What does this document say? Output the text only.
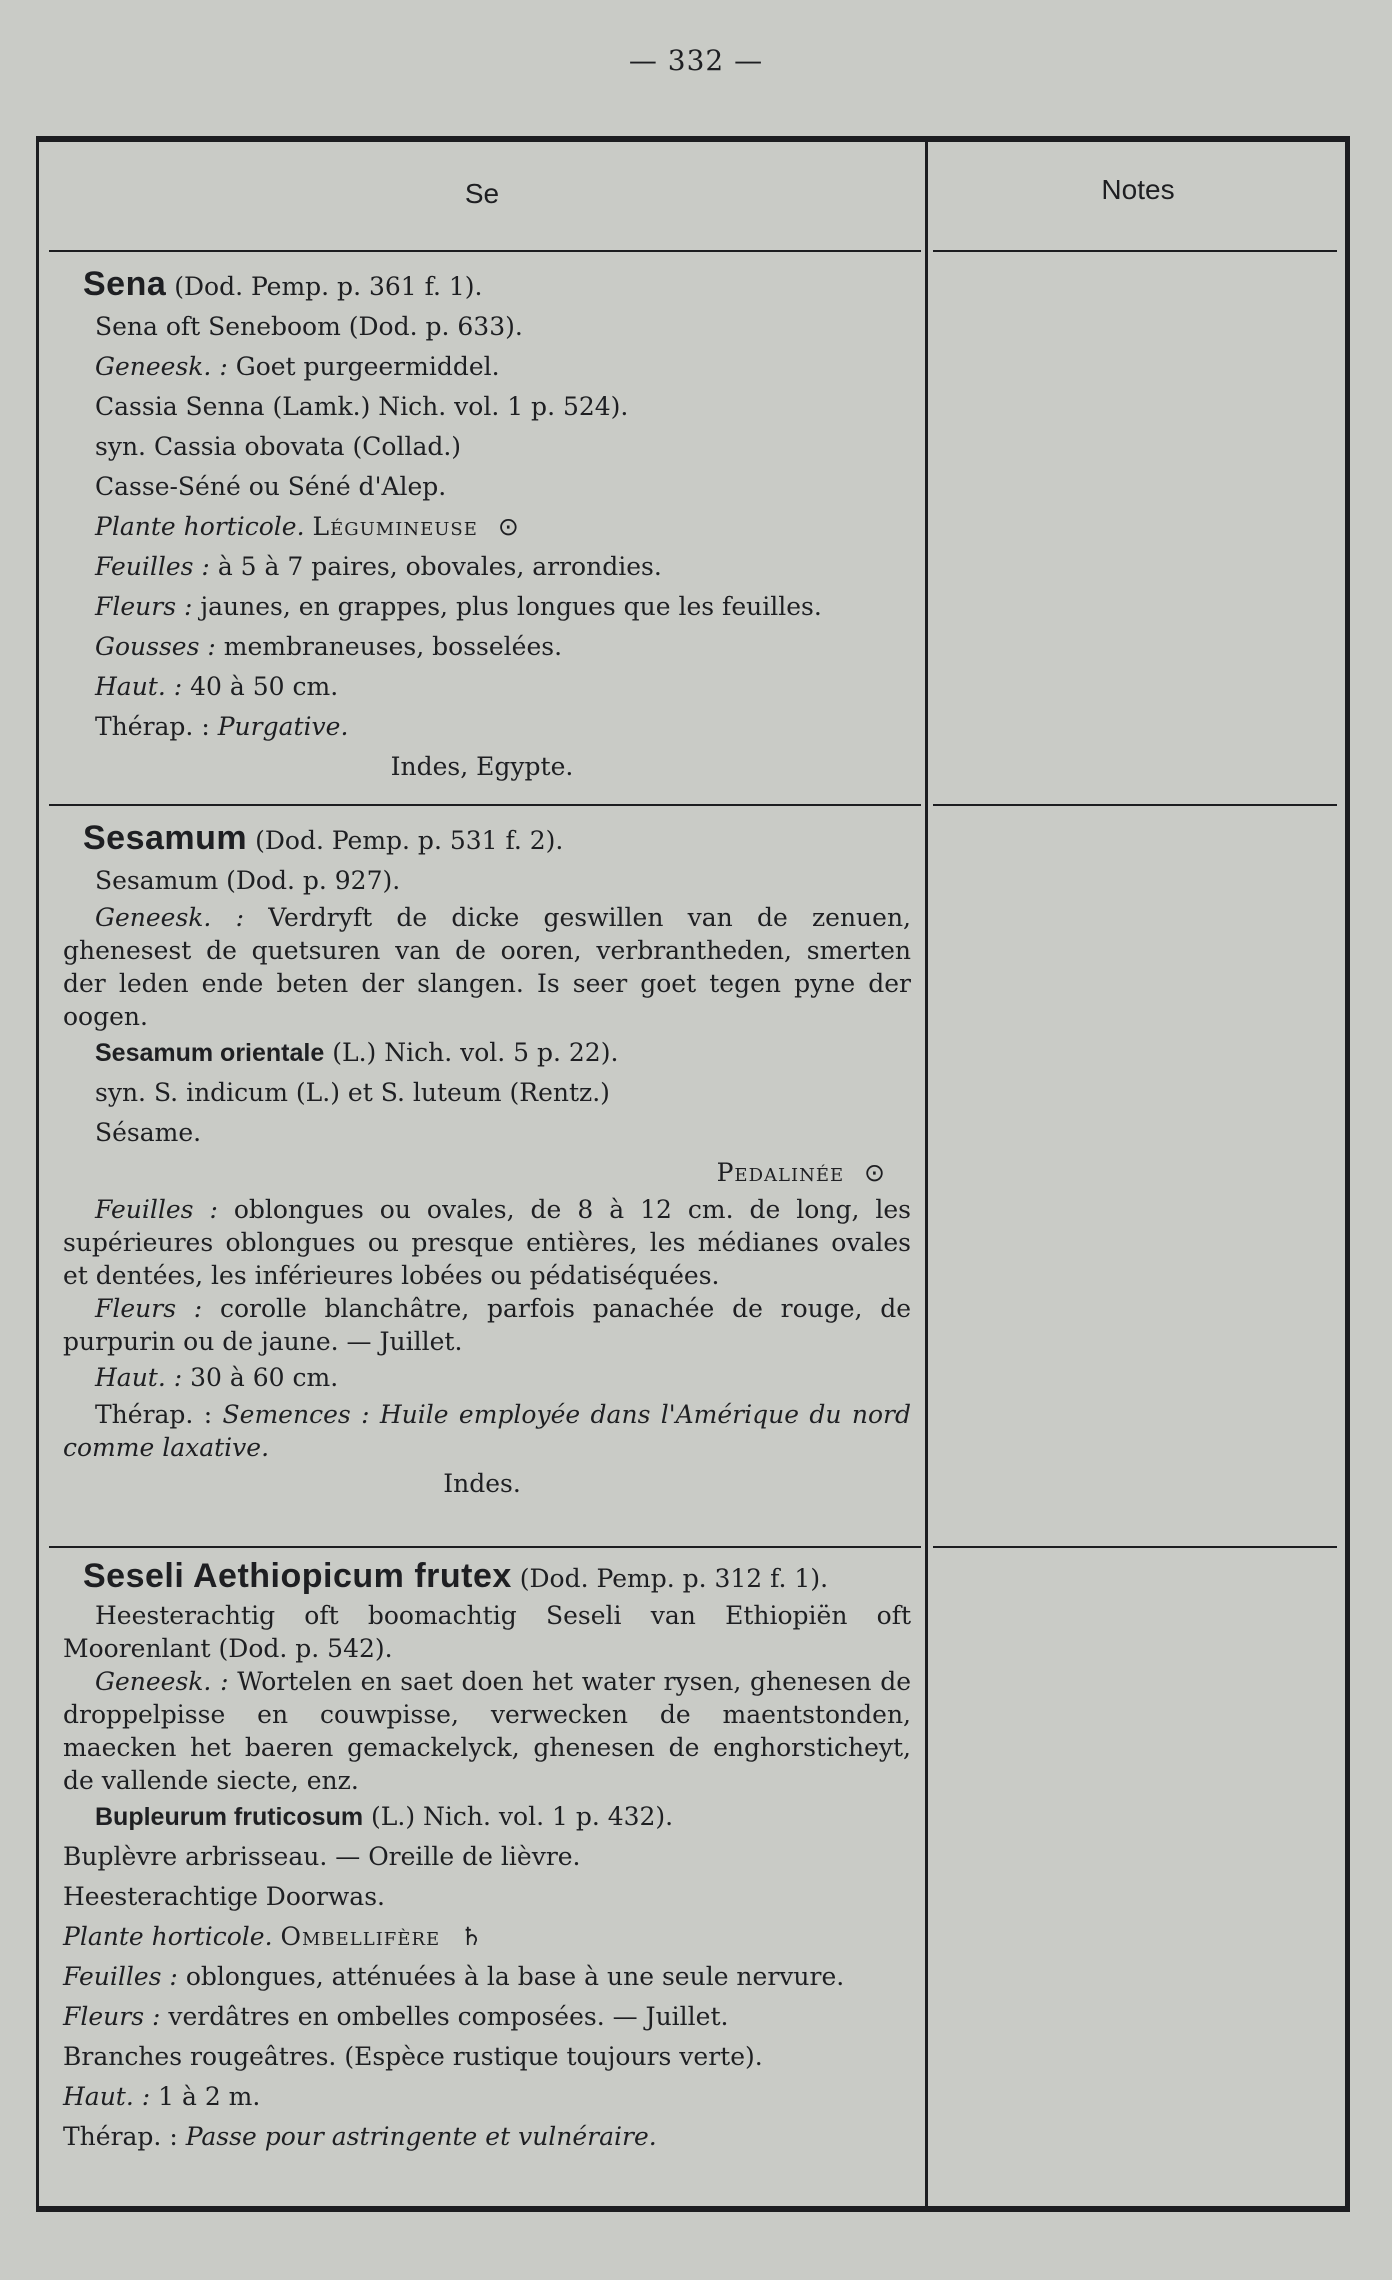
— 332 —
Se	Notes
Sena (Dod. Pemp. p. 361 f. 1).
Sena oft Seneboom (Dod. p. 633).
Geneesk. : Goet purgeermiddel.
Cassia Senna (Lamk.) Nich. vol. 1 p. 524).
syn. Cassia obovata (Collad.)
Casse-Séné ou Séné d'Alep.
Plante horticole. Légumineuse ⊙
Feuilles : à 5 à 7 paires, obovales, arrondies.
Fleurs : jaunes, en grappes, plus longues que les feuilles.
Gousses : membraneuses, bosselées.
Haut. : 40 à 50 cm.
Thérap. : Purgative.
Indes, Egypte.
Sesamum (Dod. Pemp. p. 531 f. 2).
Sesamum (Dod. p. 927).
Geneesk. : Verdryft de dicke geswillen van de zenuen, ghenesest de quetsuren van de ooren, verbrantheden, smerten der leden ende beten der slangen. Is seer goet tegen pyne der oogen.
Sesamum orientale (L.) Nich. vol. 5 p. 22).
syn. S. indicum (L.) et S. luteum (Rentz.)
Sésame.
Pedalinée ⊙
Feuilles : oblongues ou ovales, de 8 à 12 cm. de long, les supérieures oblongues ou presque entières, les médianes ovales et dentées, les inférieures lobées ou pédatiséquées.
Fleurs : corolle blanchâtre, parfois panachée de rouge, de purpurin ou de jaune. — Juillet.
Haut. : 30 à 60 cm.
Thérap. : Semences : Huile employée dans l'Amérique du nord comme laxative.
Indes.
Seseli Aethiopicum frutex (Dod. Pemp. p. 312 f. 1).
Heesterachtig oft boomachtig Seseli van Ethiopiën oft Moorenlant (Dod. p. 542).
Geneesk. : Wortelen en saet doen het water rysen, ghenesen de droppelpisse en couwpisse, verwecken de maentstonden, maecken het baeren gemackelyck, ghenesen de enghorsticheyt, de vallende siecte, enz.
Bupleurum fruticosum (L.) Nich. vol. 1 p. 432).
Buplèvre arbrisseau. — Oreille de lièvre.
Heesterachtige Doorwas.
Plante horticole. Ombellifère ♄
Feuilles : oblongues, atténuées à la base à une seule nervure.
Fleurs : verdâtres en ombelles composées. — Juillet.
Branches rougeâtres. (Espèce rustique toujours verte).
Haut. : 1 à 2 m.
Thérap. : Passe pour astringente et vulnéraire.
